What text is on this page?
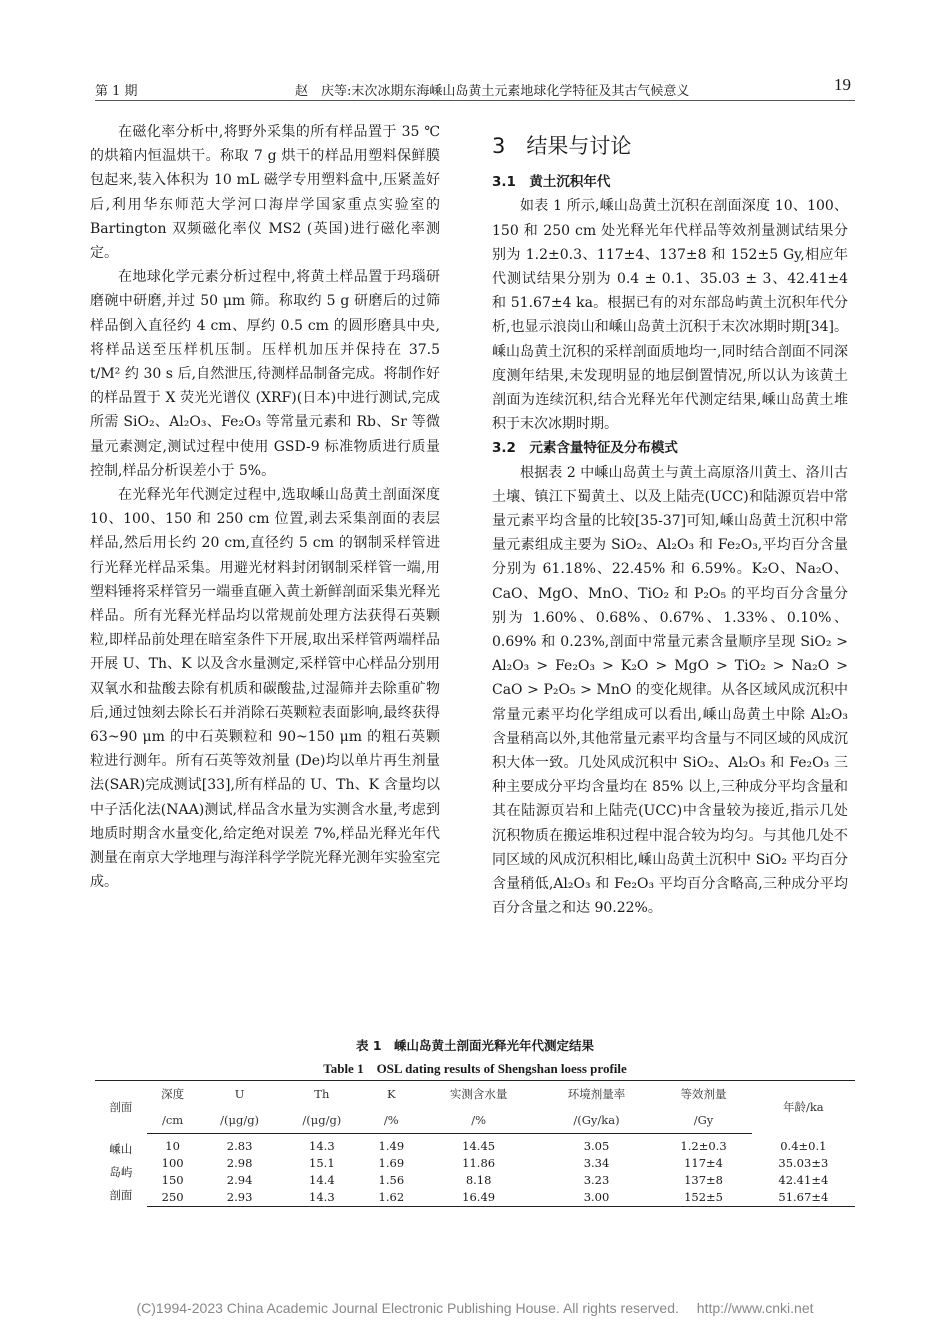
第 1 期	赵　庆等:末次冰期东海嵊山岛黄土元素地球化学特征及其古气候意义	19

在磁化率分析中,将野外采集的所有样品置于 35 ℃的烘箱内恒温烘干。称取 7 g 烘干的样品用塑料保鲜膜包起来,装入体积为 10 mL 磁学专用塑料盒中,压紧盖好后,利用华东师范大学河口海岸学国家重点实验室的 Bartington 双频磁化率仪 MS2 (英国)进行磁化率测定。

在地球化学元素分析过程中,将黄土样品置于玛瑙研磨碗中研磨,并过 50 μm 筛。称取约 5 g 研磨后的过筛样品倒入直径约 4 cm、厚约 0.5 cm 的圆形磨具中央,将样品送至压样机压制。压样机加压并保持在 37.5 t/M² 约 30 s 后,自然泄压,待测样品制备完成。将制作好的样品置于 X 荧光光谱仪 (XRF)(日本)中进行测试,完成所需 SiO₂、Al₂O₃、Fe₂O₃ 等常量元素和 Rb、Sr 等微量元素测定,测试过程中使用 GSD-9 标准物质进行质量控制,样品分析误差小于 5%。

在光释光年代测定过程中,选取嵊山岛黄土剖面深度 10、100、150 和 250 cm 位置,剥去采集剖面的表层样品,然后用长约 20 cm,直径约 5 cm 的钢制采样管进行光释光样品采集。用避光材料封闭钢制采样管一端,用塑料锤将采样管另一端垂直砸入黄土新鲜剖面采集光释光样品。所有光释光样品均以常规前处理方法获得石英颗粒,即样品前处理在暗室条件下开展,取出采样管两端样品开展 U、Th、K 以及含水量测定,采样管中心样品分别用双氧水和盐酸去除有机质和碳酸盐,过湿筛并去除重矿物后,通过蚀刻去除长石并消除石英颗粒表面影响,最终获得 63~90 μm 的中石英颗粒和 90~150 μm 的粗石英颗粒进行测年。所有石英等效剂量 (De)均以单片再生剂量法(SAR)完成测试[33],所有样品的 U、Th、K 含量均以中子活化法(NAA)测试,样品含水量为实测含水量,考虑到地质时期含水量变化,给定绝对误差 7%,样品光释光年代测量在南京大学地理与海洋科学学院光释光测年实验室完成。

3　结果与讨论

3.1　黄土沉积年代

如表 1 所示,嵊山岛黄土沉积在剖面深度 10、100、150 和 250 cm 处光释光年代样品等效剂量测试结果分别为 1.2±0.3、117±4、137±8 和 152±5 Gy,相应年代测试结果分别为 0.4 ± 0.1、35.03 ± 3、42.41±4 和 51.67±4 ka。根据已有的对东部岛屿黄土沉积年代分析,也显示浪岗山和嵊山岛黄土沉积于末次冰期时期[34]。嵊山岛黄土沉积的采样剖面质地均一,同时结合剖面不同深度测年结果,未发现明显的地层倒置情况,所以认为该黄土剖面为连续沉积,结合光释光年代测定结果,嵊山岛黄土堆积于末次冰期时期。

3.2　元素含量特征及分布模式

根据表 2 中嵊山岛黄土与黄土高原洛川黄土、洛川古土壤、镇江下蜀黄土、以及上陆壳(UCC)和陆源页岩中常量元素平均含量的比较[35-37]可知,嵊山岛黄土沉积中常量元素组成主要为 SiO₂、Al₂O₃ 和 Fe₂O₃,平均百分含量分别为 61.18%、22.45% 和 6.59%。K₂O、Na₂O、CaO、MgO、MnO、TiO₂ 和 P₂O₅ 的平均百分含量分别为 1.60%、0.68%、0.67%、1.33%、0.10%、0.69% 和 0.23%,剖面中常量元素含量顺序呈现 SiO₂ > Al₂O₃ > Fe₂O₃ > K₂O > MgO > TiO₂ > Na₂O > CaO > P₂O₅ > MnO 的变化规律。从各区域风成沉积中常量元素平均化学组成可以看出,嵊山岛黄土中除 Al₂O₃ 含量稍高以外,其他常量元素平均含量与不同区域的风成沉积大体一致。几处风成沉积中 SiO₂、Al₂O₃ 和 Fe₂O₃ 三种主要成分平均含量均在 85% 以上,三种成分平均含量和其在陆源页岩和上陆壳(UCC)中含量较为接近,指示几处沉积物质在搬运堆积过程中混合较为均匀。与其他几处不同区域的风成沉积相比,嵊山岛黄土沉积中 SiO₂ 平均百分含量稍低,Al₂O₃ 和 Fe₂O₃ 平均百分含略高,三种成分平均百分含量之和达 90.22%。

表 1　嵊山岛黄土剖面光释光年代测定结果
Table 1　OSL dating results of Shengshan loess profile
剖面	深度	U	Th	K	实测含水量	环境剂量率	等效剂量	年龄/ka
	/cm	/(μg/g)	/(μg/g)	/%	/%	/(Gy/ka)	/Gy	

嵊山
岛屿
剖面	10	2.83	14.3	1.49	14.45	3.05	1.2±0.3	0.4±0.1
	100	2.98	15.1	1.69	11.86	3.34	117±4	35.03±3
	150	2.94	14.4	1.56	8.18	3.23	137±8	42.41±4
	250	2.93	14.3	1.62	16.49	3.00	152±5	51.67±4
(C)1994-2023 China Academic Journal Electronic Publishing House. All rights reserved.　 http://www.cnki.net
